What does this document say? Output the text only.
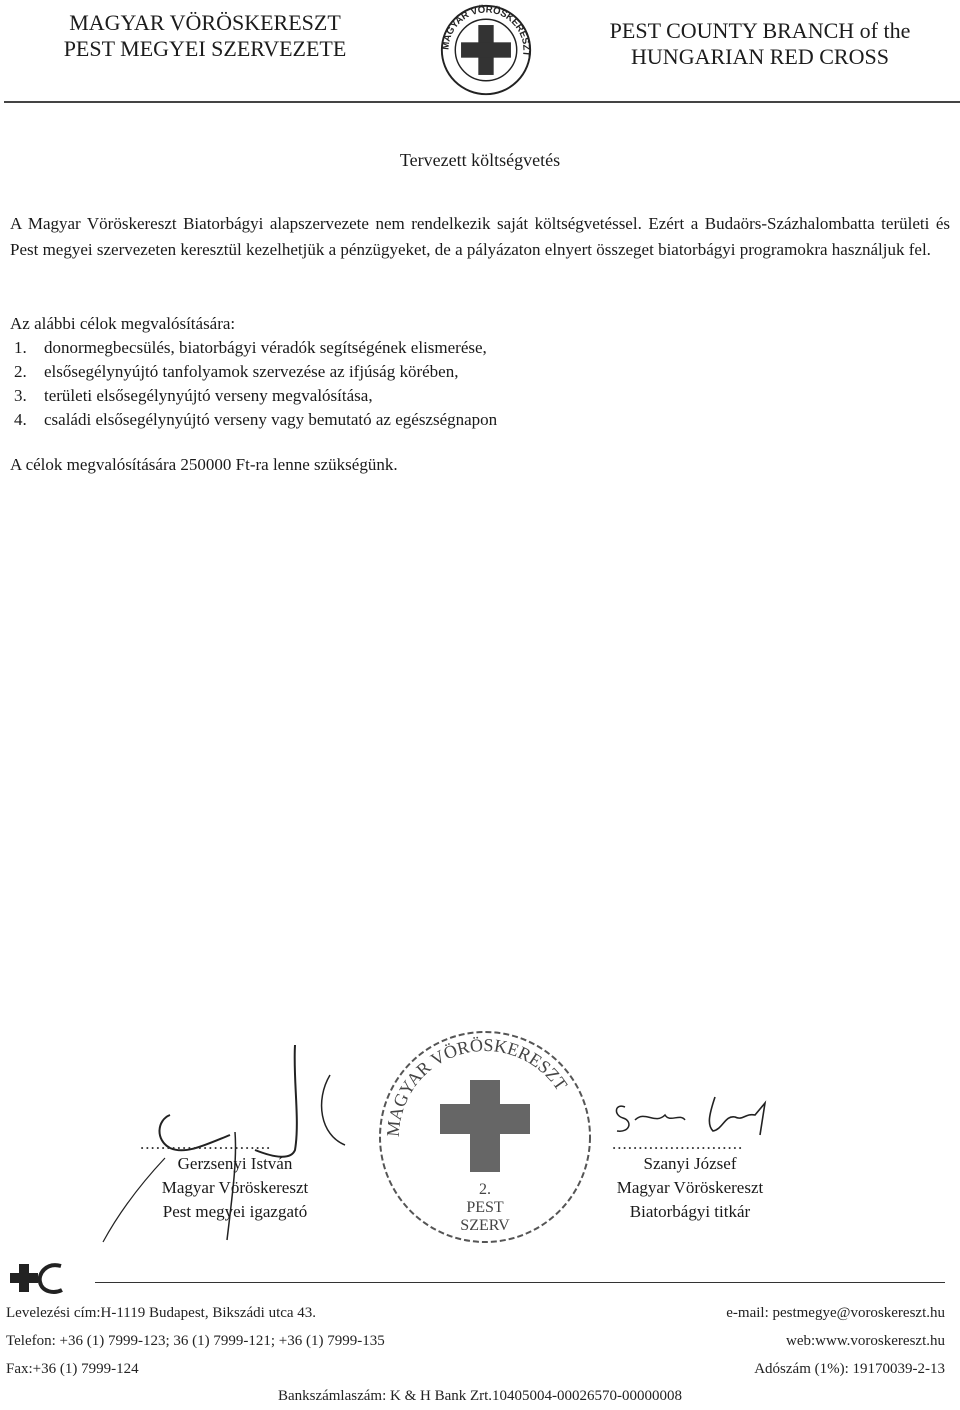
MAGYAR VÖRÖSKERESZT
PEST MEGYEI SZERVEZETE	MAGYAR VÖRÖSKERESZT
PEST COUNTY BRANCH of the
HUNGARIAN RED CROSS
Tervezett költségvetés
A Magyar Vöröskereszt Biatorbágyi alapszervezete nem rendelkezik saját költségvetéssel. Ezért a Budaörs-Százhalombatta területi és Pest megyei szervezeten keresztül kezelhetjük a pénzügyeket, de a pályázaton elnyert összeget biatorbágyi programokra használjuk fel.
Az alábbi célok megvalósítására:
1. donormegbecsülés, biatorbágyi véradók segítségének elismerése,
2. elsősegélynyújtó tanfolyamok szervezése az ifjúság körében,
3. területi elsősegélynyújtó verseny megvalósítása,
4. családi elsősegélynyújtó verseny vagy bemutató az egészségnapon
A célok megvalósítására 250000 Ft-ra lenne szükségünk.
.........................
Gerzsenyi István
Magyar Vöröskereszt
Pest megyei igazgató
MAGYAR VÖRÖSKERESZT
2.
PEST
SZERV
.........................
Szanyi József
Magyar Vöröskereszt
Biatorbágyi titkár
Levelezési cím:H-1119 Budapest, Bikszádi utca 43.	e-mail: pestmegye@voroskereszt.hu
Telefon: +36 (1) 7999-123; 36 (1) 7999-121; +36 (1) 7999-135	web:www.voroskereszt.hu
Fax:+36 (1) 7999-124	Adószám (1%): 19170039-2-13
Bankszámlaszám: K & H Bank Zrt.10405004-00026570-00000008
